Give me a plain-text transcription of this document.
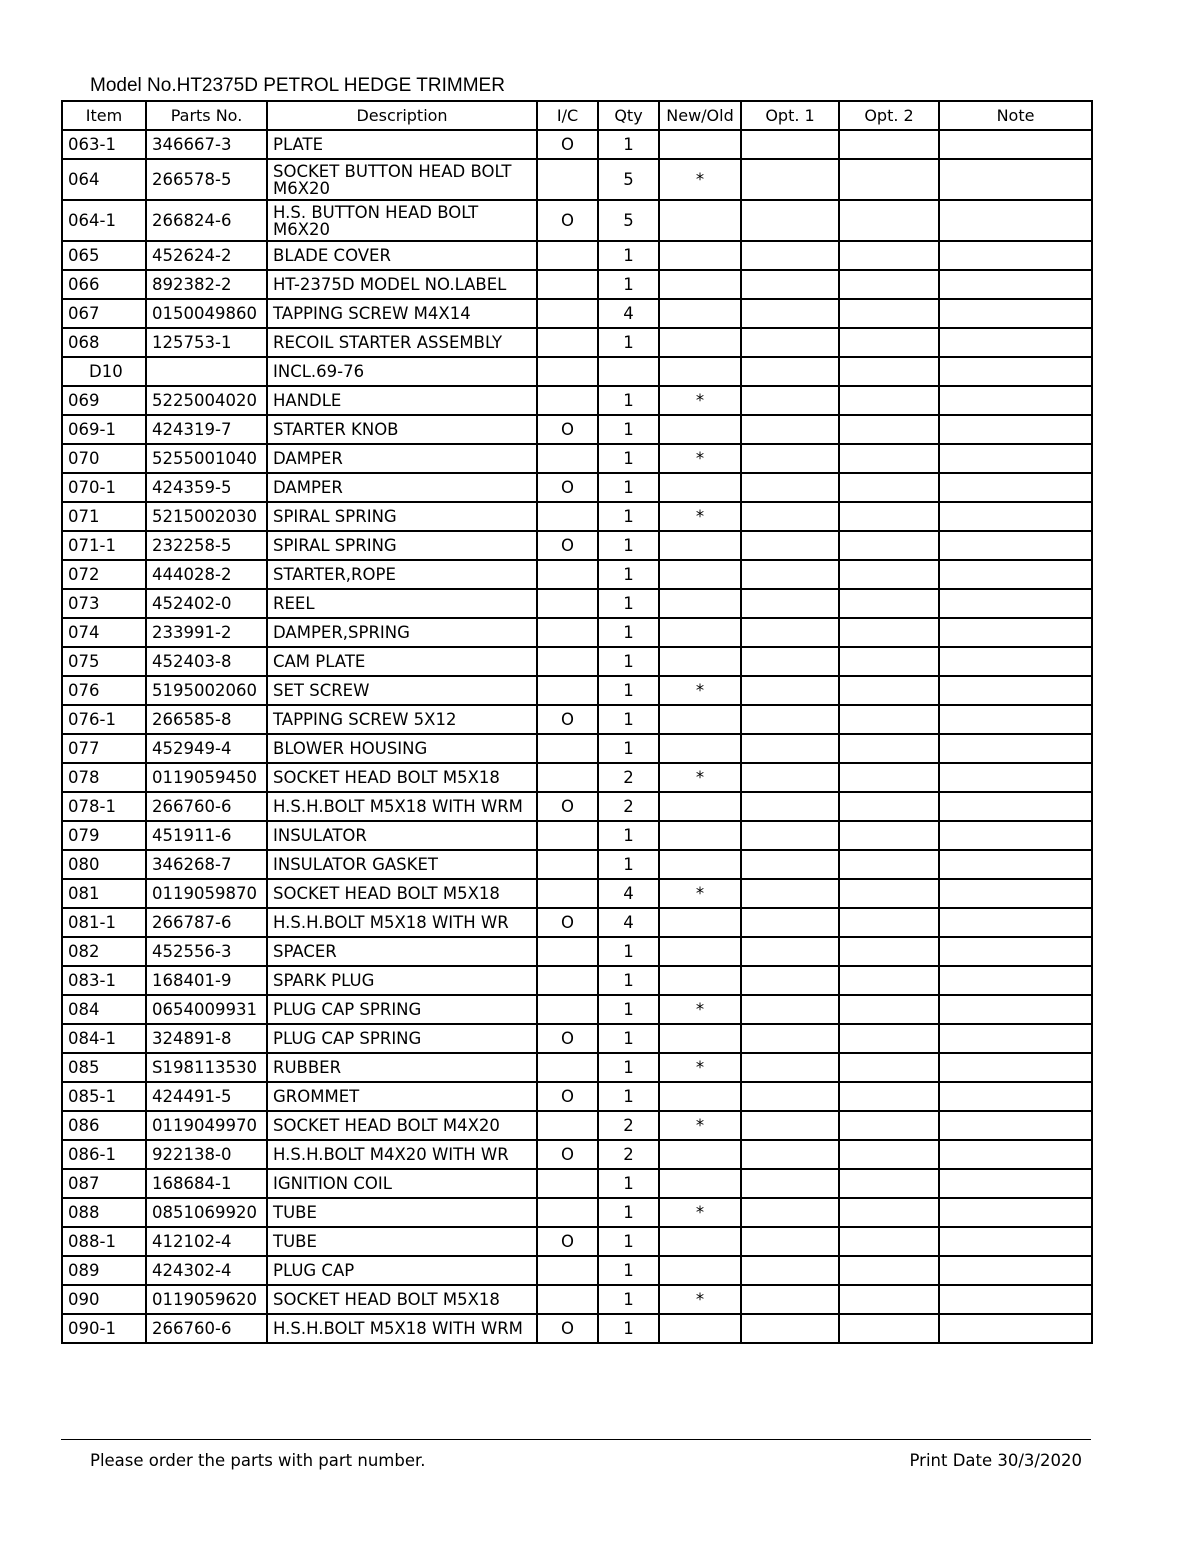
Model No.HT2375D PETROL HEDGE TRIMMER
Item	Parts No.	Description	I/C	Qty	New/Old	Opt. 1	Opt. 2	Note
063-1	346667-3	PLATE	O	1				
064	266578-5	SOCKET BUTTON HEAD BOLT M6X20		5	*			
064-1	266824-6	H.S. BUTTON HEAD BOLT M6X20	O	5				
065	452624-2	BLADE COVER		1				
066	892382-2	HT-2375D MODEL NO.LABEL		1				
067	0150049860	TAPPING SCREW M4X14		4				
068	125753-1	RECOIL STARTER ASSEMBLY		1				
D10		INCL.69-76						
069	5225004020	HANDLE		1	*			
069-1	424319-7	STARTER KNOB	O	1				
070	5255001040	DAMPER		1	*			
070-1	424359-5	DAMPER	O	1				
071	5215002030	SPIRAL SPRING		1	*			
071-1	232258-5	SPIRAL SPRING	O	1				
072	444028-2	STARTER,ROPE		1				
073	452402-0	REEL		1				
074	233991-2	DAMPER,SPRING		1				
075	452403-8	CAM PLATE		1				
076	5195002060	SET SCREW		1	*			
076-1	266585-8	TAPPING SCREW 5X12	O	1				
077	452949-4	BLOWER HOUSING		1				
078	0119059450	SOCKET HEAD BOLT M5X18		2	*			
078-1	266760-6	H.S.H.BOLT M5X18 WITH WRM	O	2				
079	451911-6	INSULATOR		1				
080	346268-7	INSULATOR GASKET		1				
081	0119059870	SOCKET HEAD BOLT M5X18		4	*			
081-1	266787-6	H.S.H.BOLT M5X18 WITH WR	O	4				
082	452556-3	SPACER		1				
083-1	168401-9	SPARK PLUG		1				
084	0654009931	PLUG CAP SPRING		1	*			
084-1	324891-8	PLUG CAP SPRING	O	1				
085	S198113530	RUBBER		1	*			
085-1	424491-5	GROMMET	O	1				
086	0119049970	SOCKET HEAD BOLT M4X20		2	*			
086-1	922138-0	H.S.H.BOLT M4X20 WITH WR	O	2				
087	168684-1	IGNITION COIL		1				
088	0851069920	TUBE		1	*			
088-1	412102-4	TUBE	O	1				
089	424302-4	PLUG CAP		1				
090	0119059620	SOCKET HEAD BOLT M5X18		1	*			
090-1	266760-6	H.S.H.BOLT M5X18 WITH WRM	O	1				
Please order the parts with part number.	Print Date 30/3/2020
